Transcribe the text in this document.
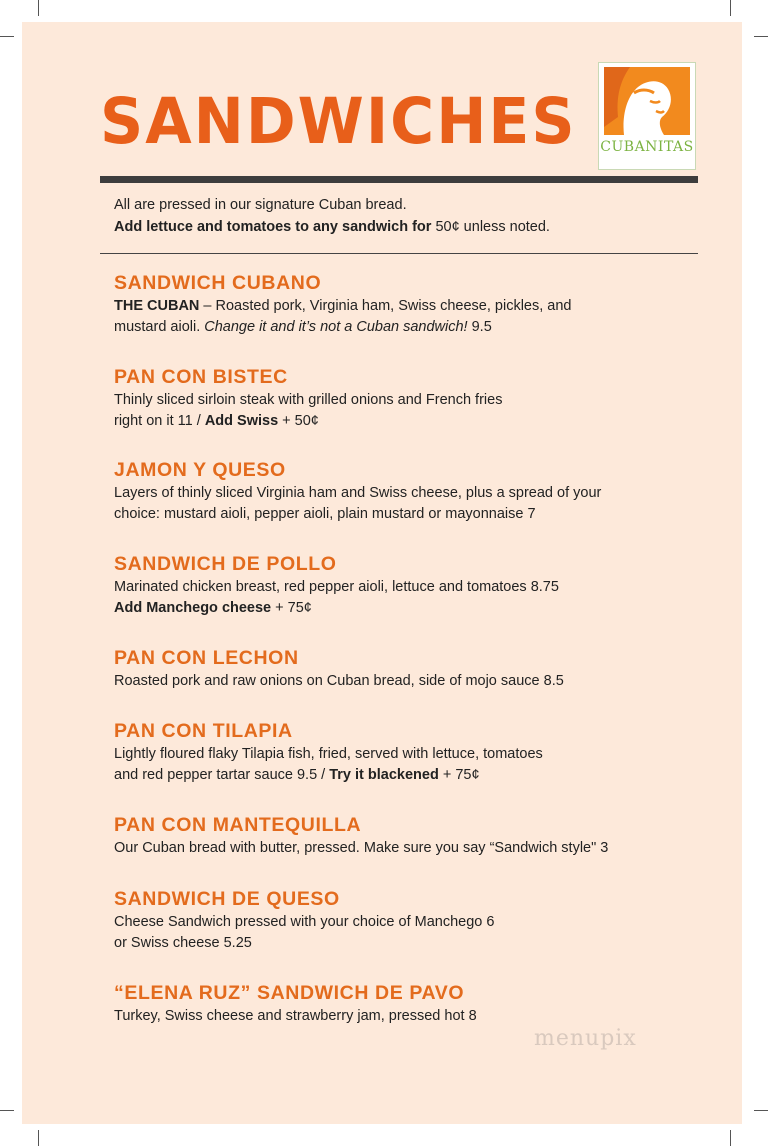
SANDWICHES CUBANITAS
All are pressed in our signature Cuban bread.
Add lettuce and tomatoes to any sandwich for 50¢ unless noted.
SANDWICH CUBANO

THE CUBAN – Roasted pork, Virginia ham, Swiss cheese, pickles, and
mustard aioli. Change it and it’s not a Cuban sandwich! 9.5

PAN CON BISTEC

Thinly sliced sirloin steak with grilled onions and French fries
right on it 11 / Add Swiss + 50¢

JAMON Y QUESO

Layers of thinly sliced Virginia ham and Swiss cheese, plus a spread of your
choice: mustard aioli, pepper aioli, plain mustard or mayonnaise 7

SANDWICH DE POLLO

Marinated chicken breast, red pepper aioli, lettuce and tomatoes 8.75
Add Manchego cheese + 75¢

PAN CON LECHON

Roasted pork and raw onions on Cuban bread, side of mojo sauce 8.5

PAN CON TILAPIA

Lightly floured flaky Tilapia fish, fried, served with lettuce, tomatoes
and red pepper tartar sauce 9.5 / Try it blackened + 75¢

PAN CON MANTEQUILLA

Our Cuban bread with butter, pressed. Make sure you say “Sandwich style" 3

SANDWICH DE QUESO

Cheese Sandwich pressed with your choice of Manchego 6
or Swiss cheese 5.25

“ELENA RUZ” SANDWICH DE PAVO

Turkey, Swiss cheese and strawberry jam, pressed hot 8

menupix
